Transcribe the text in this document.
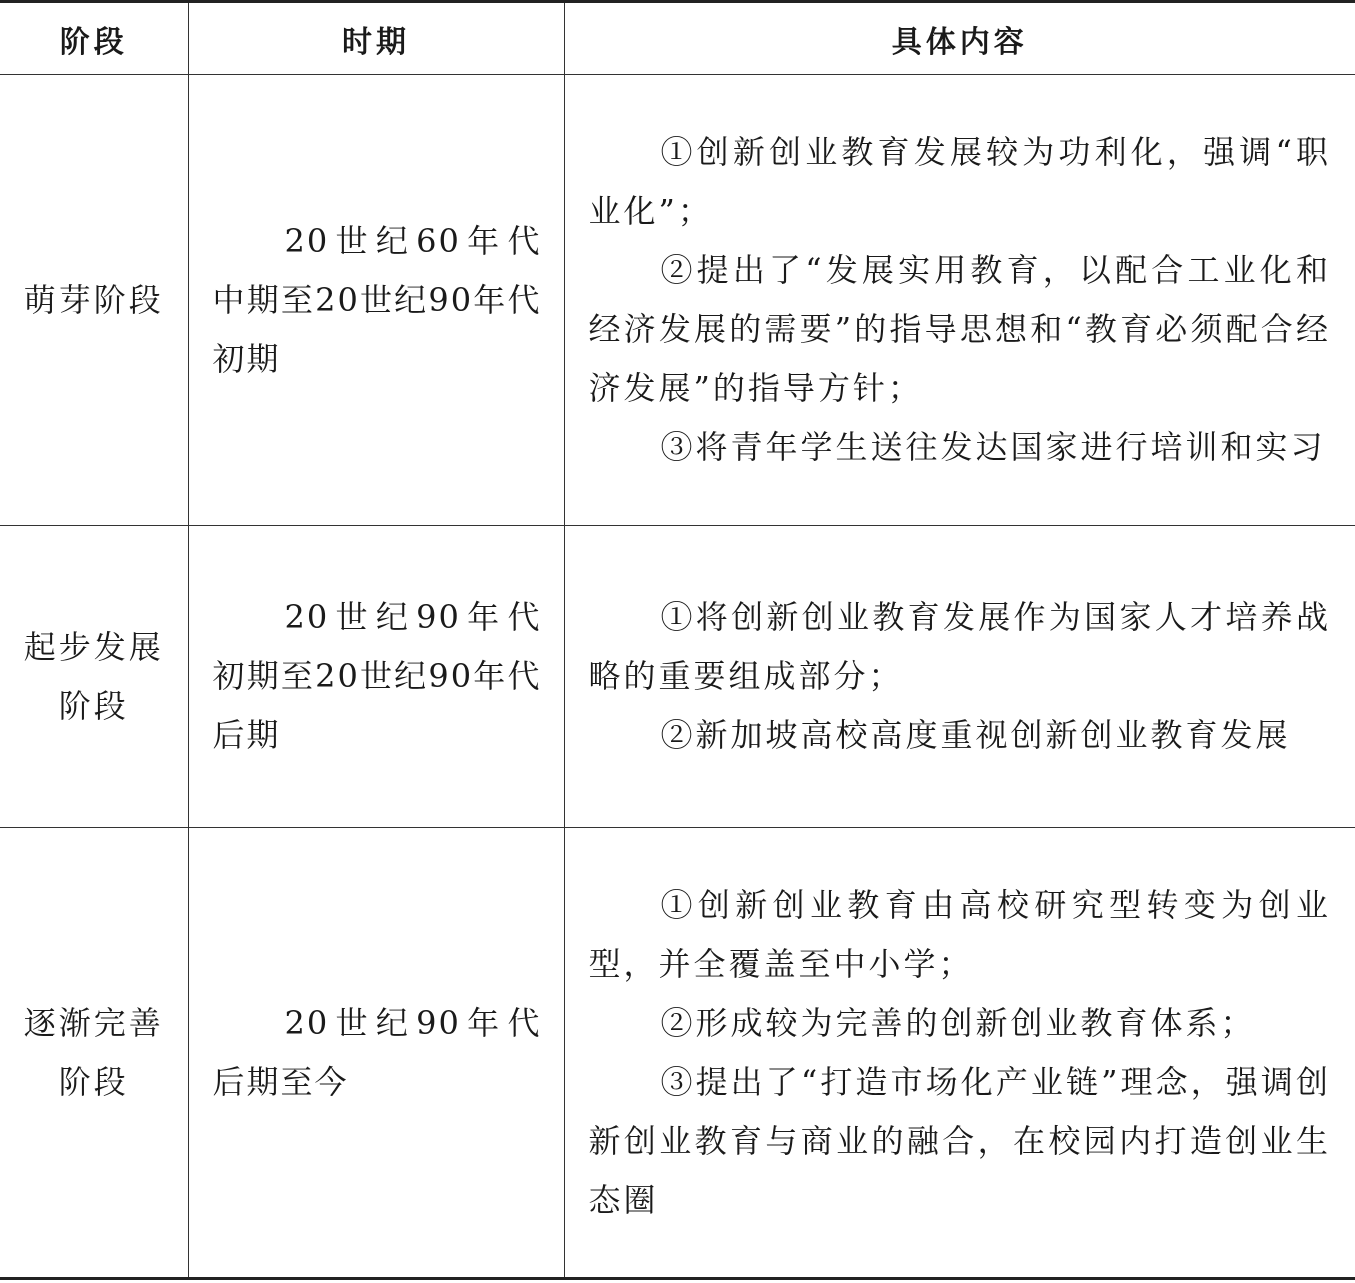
阶段	时期	具体内容
萌芽阶段	20世纪60年代中期至20世纪90年代初期	①创新创业教育发展较为功利化，强调“职业化”；

②提出了“发展实用教育，以配合工业化和经济发展的需要”的指导思想和“教育必须配合经济发展”的指导方针；

③将青年学生送往发达国家进行培训和实习

起步发展阶段	20世纪90年代初期至20世纪90年代后期	①将创新创业教育发展作为国家人才培养战略的重要组成部分；

②新加坡高校高度重视创新创业教育发展

逐渐完善阶段	20世纪90年代后期至今	①创新创业教育由高校研究型转变为创业型，并全覆盖至中小学；

②形成较为完善的创新创业教育体系；

③提出了“打造市场化产业链”理念，强调创新创业教育与商业的融合，在校园内打造创业生态圈
